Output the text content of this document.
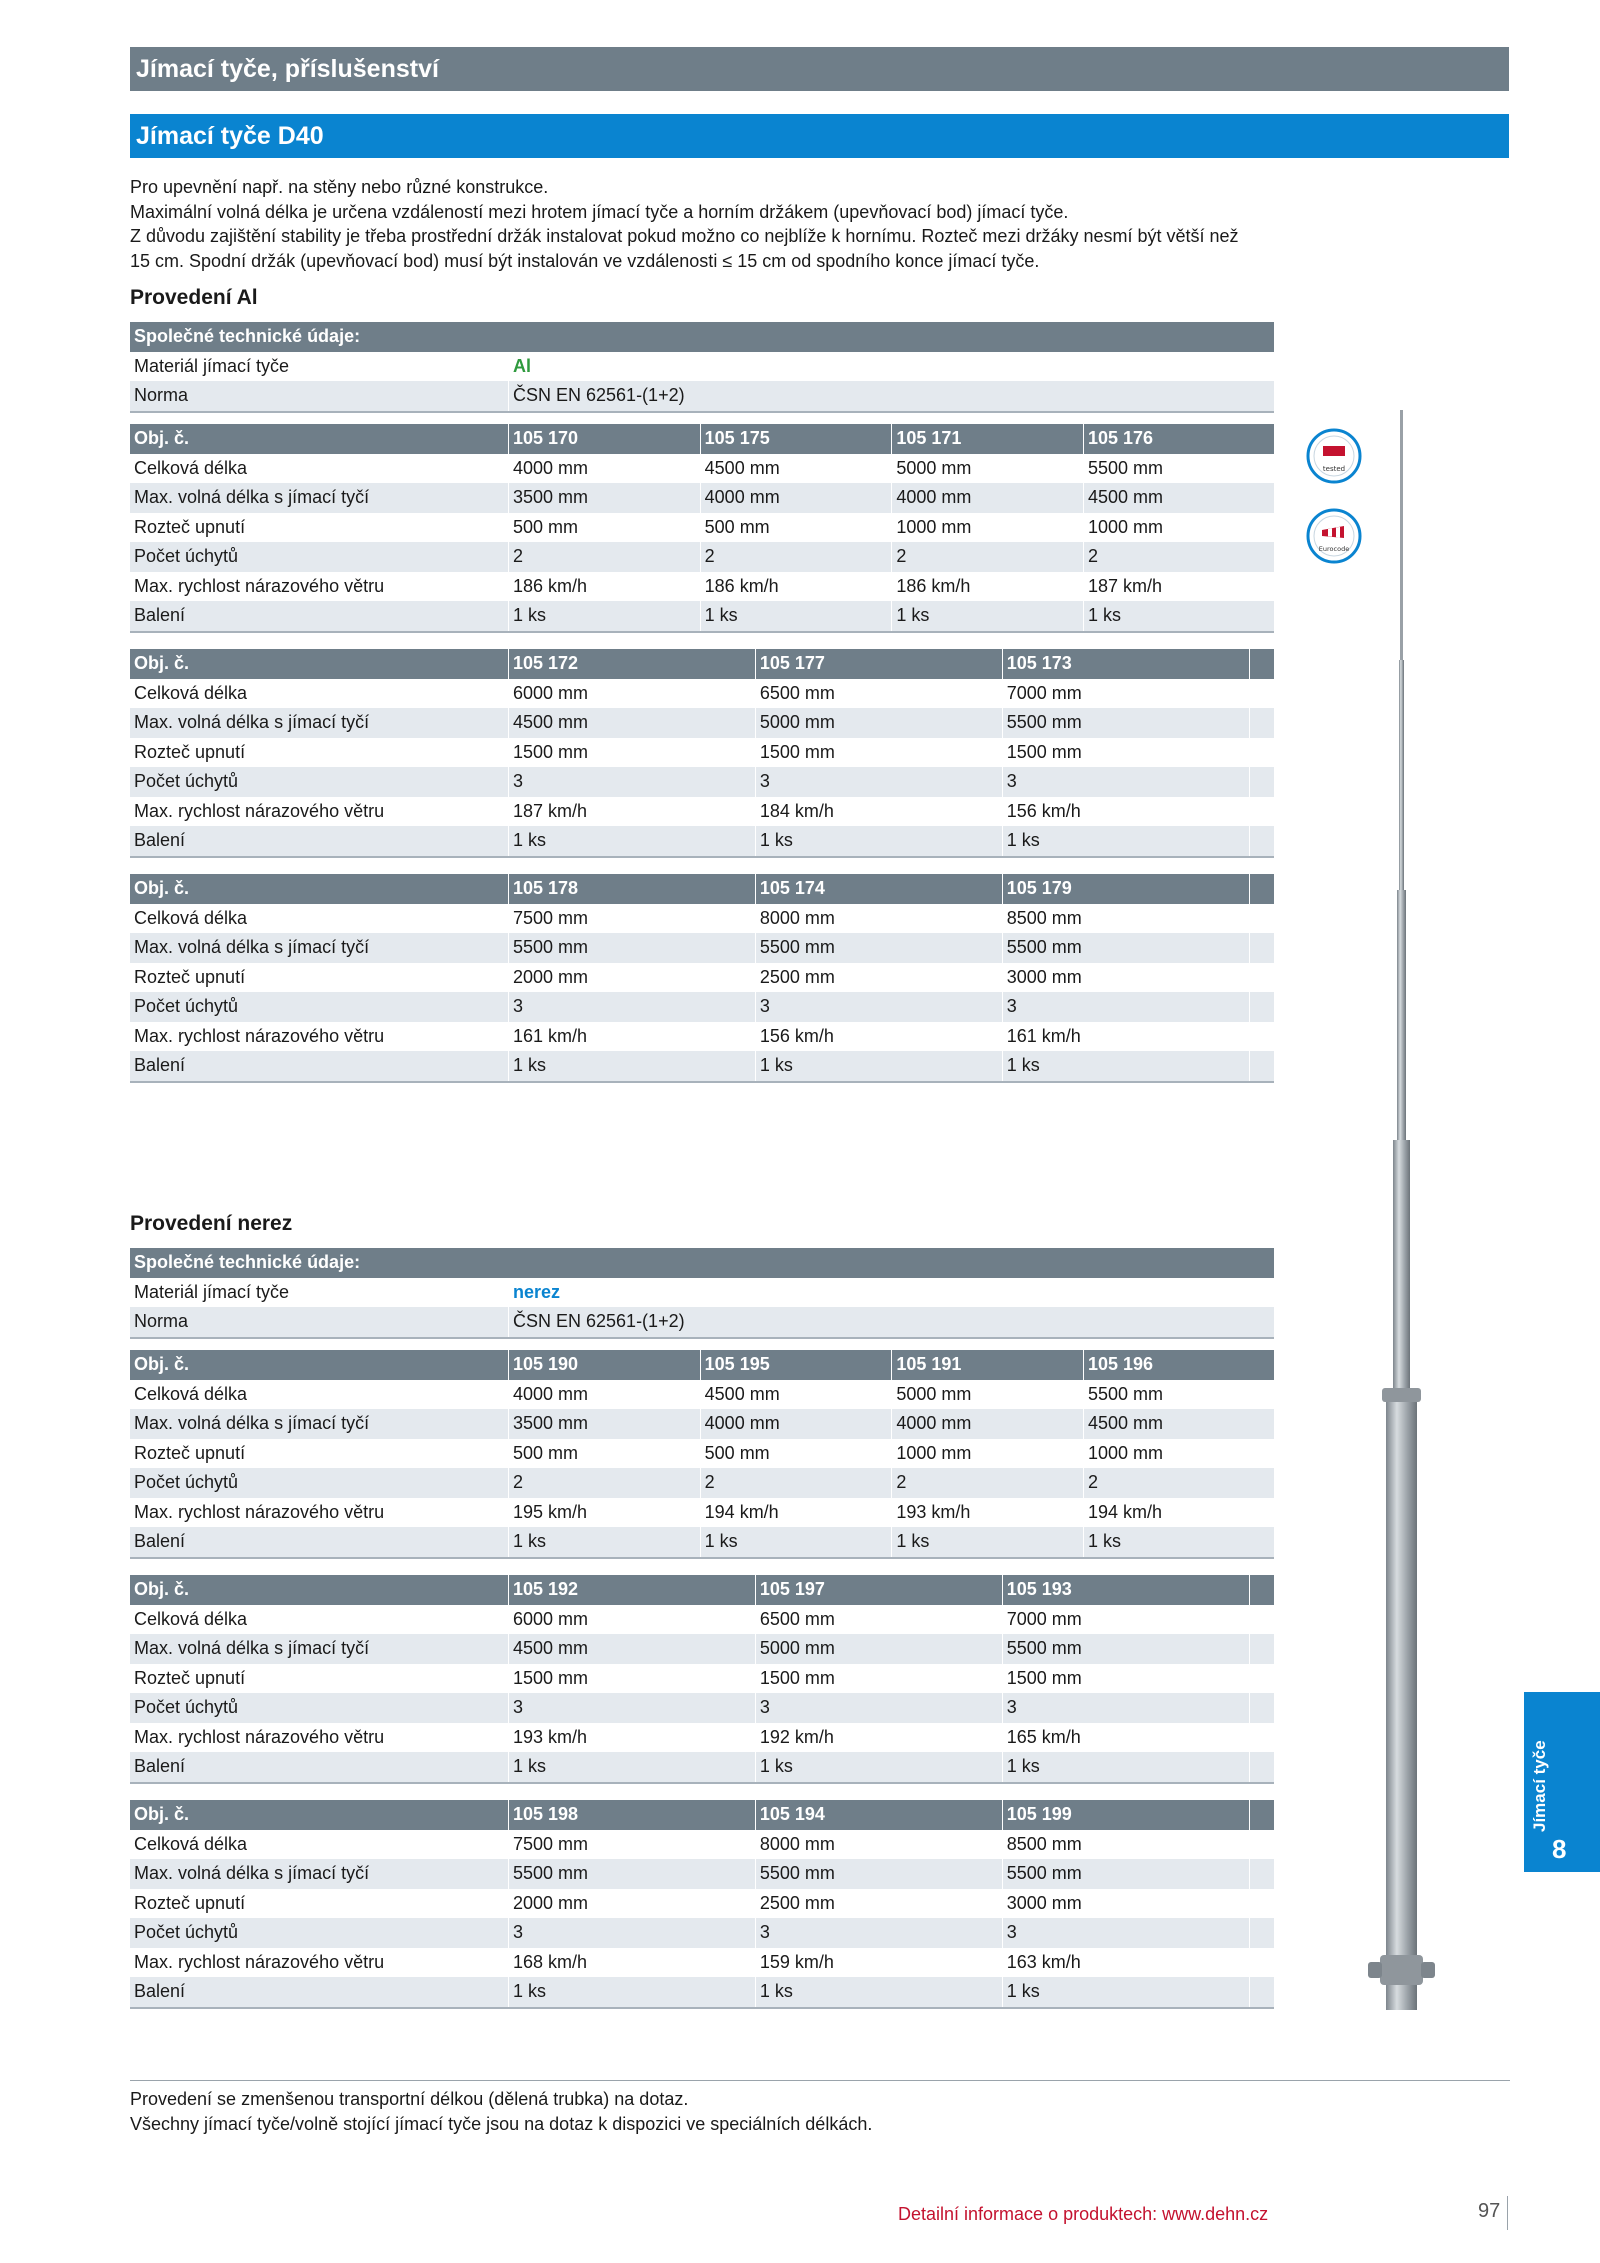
Jímací tyče, příslušenství
Jímací tyče D40

Pro upevnění např. na stěny nebo různé konstrukce.

Maximální volná délka je určena vzdáleností mezi hrotem jímací tyče a horním držákem (upevňovací bod) jímací tyče.

Z důvodu zajištění stability je třeba prostřední držák instalovat pokud možno co nejblíže k hornímu. Rozteč mezi držáky nesmí být větší než

15 cm. Spodní držák (upevňovací bod) musí být instalován ve vzdálenosti ≤ 15 cm od spodního konce jímací tyče.

Provedení Al
Společné technické údaje:	
Materiál jímací tyče	Al
Norma	ČSN EN 62561-(1+2)
Obj. č.	105 170	105 175	105 171	105 176
Celková délka	4000 mm	4500 mm	5000 mm	5500 mm
Max. volná délka s jímací tyčí	3500 mm	4000 mm	4000 mm	4500 mm
Rozteč upnutí	500 mm	500 mm	1000 mm	1000 mm
Počet úchytů	2	2	2	2
Max. rychlost nárazového větru	186 km/h	186 km/h	186 km/h	187 km/h
Balení	1 ks	1 ks	1 ks	1 ks
Obj. č.	105 172	105 177	105 173	
Celková délka	6000 mm	6500 mm	7000 mm	
Max. volná délka s jímací tyčí	4500 mm	5000 mm	5500 mm	
Rozteč upnutí	1500 mm	1500 mm	1500 mm	
Počet úchytů	3	3	3	
Max. rychlost nárazového větru	187 km/h	184 km/h	156 km/h	
Balení	1 ks	1 ks	1 ks	
Obj. č.	105 178	105 174	105 179	
Celková délka	7500 mm	8000 mm	8500 mm	
Max. volná délka s jímací tyčí	5500 mm	5500 mm	5500 mm	
Rozteč upnutí	2000 mm	2500 mm	3000 mm	
Počet úchytů	3	3	3	
Max. rychlost nárazového větru	161 km/h	156 km/h	161 km/h	
Balení	1 ks	1 ks	1 ks	
Provedení nerez
Společné technické údaje:	
Materiál jímací tyče	nerez
Norma	ČSN EN 62561-(1+2)
Obj. č.	105 190	105 195	105 191	105 196
Celková délka	4000 mm	4500 mm	5000 mm	5500 mm
Max. volná délka s jímací tyčí	3500 mm	4000 mm	4000 mm	4500 mm
Rozteč upnutí	500 mm	500 mm	1000 mm	1000 mm
Počet úchytů	2	2	2	2
Max. rychlost nárazového větru	195 km/h	194 km/h	193 km/h	194 km/h
Balení	1 ks	1 ks	1 ks	1 ks
Obj. č.	105 192	105 197	105 193	
Celková délka	6000 mm	6500 mm	7000 mm	
Max. volná délka s jímací tyčí	4500 mm	5000 mm	5500 mm	
Rozteč upnutí	1500 mm	1500 mm	1500 mm	
Počet úchytů	3	3	3	
Max. rychlost nárazového větru	193 km/h	192 km/h	165 km/h	
Balení	1 ks	1 ks	1 ks	
Obj. č.	105 198	105 194	105 199	
Celková délka	7500 mm	8000 mm	8500 mm	
Max. volná délka s jímací tyčí	5500 mm	5500 mm	5500 mm	
Rozteč upnutí	2000 mm	2500 mm	3000 mm	
Počet úchytů	3	3	3	
Max. rychlost nárazového větru	168 km/h	159 km/h	163 km/h	
Balení	1 ks	1 ks	1 ks	
tested
Eurocode
Jímací tyče
8

Provedení se zmenšenou transportní délkou (dělená trubka) na dotaz.

Všechny jímací tyče/volně stojící jímací tyče jsou na dotaz k dispozici ve speciálních délkách.

Detailní informace o produktech: www.dehn.cz	97
